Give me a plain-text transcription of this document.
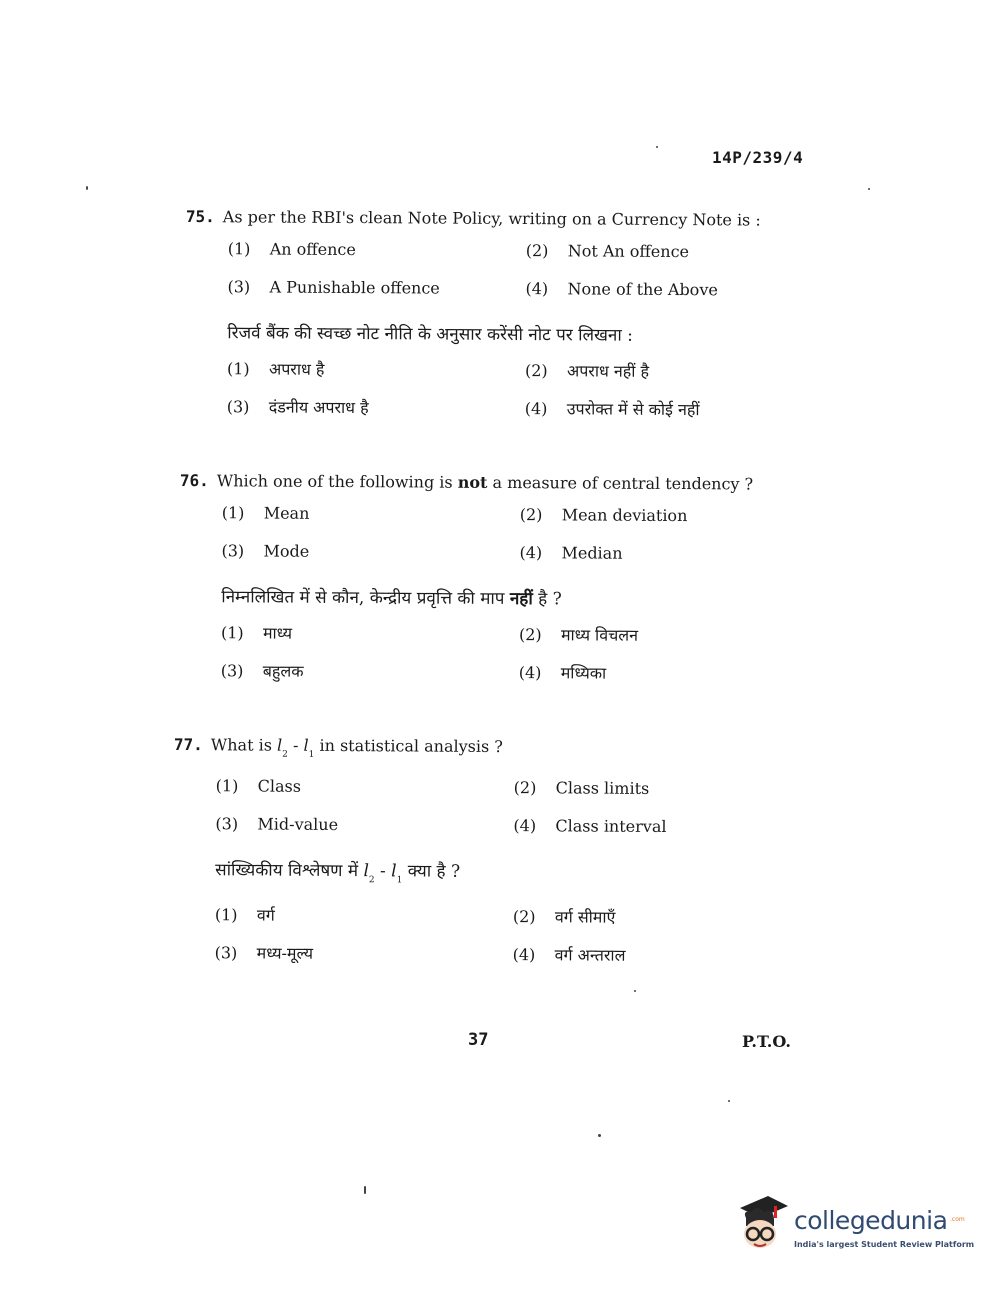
14P/239/4
75. As per the RBI's clean Note Policy, writing on a Currency Note is :
(1) An offence	(2) Not An offence
(3) A Punishable offence	(4) None of the Above
रिजर्व बैंक की स्वच्छ नोट नीति के अनुसार करेंसी नोट पर लिखना :
(1) अपराध है	(2) अपराध नहीं है
(3) दंडनीय अपराध है	(4) उपरोक्त में से कोई नहीं
76. Which one of the following is not a measure of central tendency ?
(1) Mean	(2) Mean deviation
(3) Mode	(4) Median
निम्नलिखित में से कौन, केन्द्रीय प्रवृत्ति की माप नहीं है ?
(1) माध्य	(2) माध्य विचलन
(3) बहुलक	(4) मध्यिका
77. What is $l_2 - l_1$ in statistical analysis ?
(1) Class	(2) Class limits
(3) Mid-value	(4) Class interval
सांख्यिकीय विश्लेषण में $l_2 - l_1$ क्या है ?
(1) वर्ग	(2) वर्ग सीमाएँ
(3) मध्य-मूल्य	(4) वर्ग अन्तराल
37	P.T.O.
collegedunia .com
India's largest Student Review Platform
